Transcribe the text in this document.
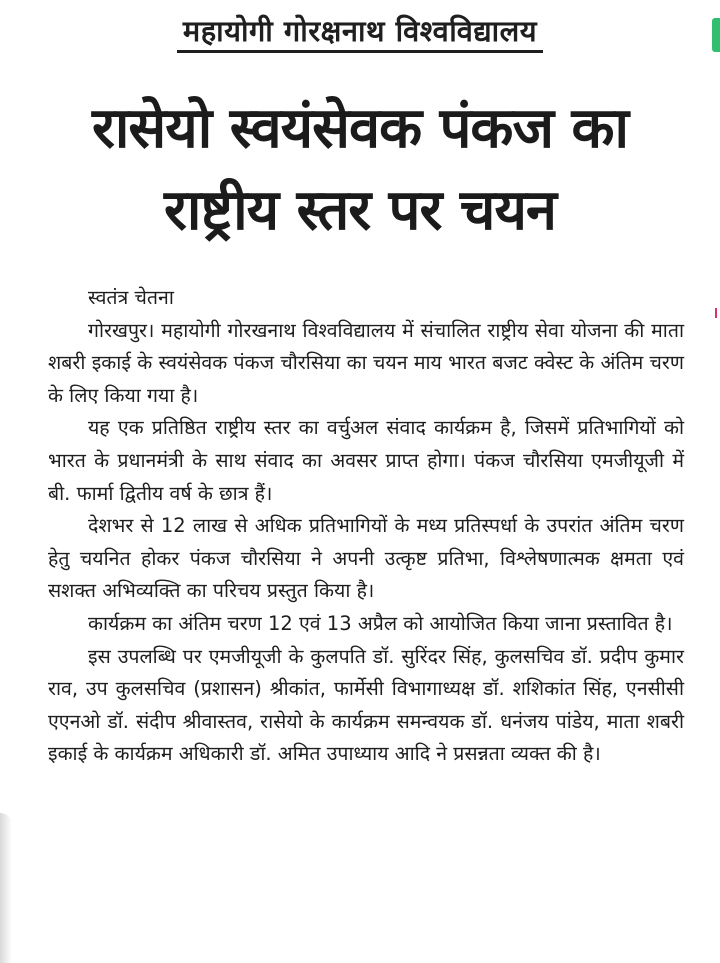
महायोगी गोरक्षनाथ विश्वविद्यालय
रासेयो स्वयंसेवक पंकज का
राष्ट्रीय स्तर पर चयन

स्वतंत्र चेतना

गोरखपुर। महायोगी गोरखनाथ विश्वविद्यालय में संचालित राष्ट्रीय सेवा योजना की माता शबरी इकाई के स्वयंसेवक पंकज चौरसिया का चयन माय भारत बजट क्वेस्ट के अंतिम चरण के लिए किया गया है।

यह एक प्रतिष्ठित राष्ट्रीय स्तर का वर्चुअल संवाद कार्यक्रम है, जिसमें प्रतिभागियों को भारत के प्रधानमंत्री के साथ संवाद का अवसर प्राप्त होगा। पंकज चौरसिया एमजीयूजी में बी. फार्मा द्वितीय वर्ष के छात्र हैं।

देशभर से 12 लाख से अधिक प्रतिभागियों के मध्य प्रतिस्पर्धा के उपरांत अंतिम चरण हेतु चयनित होकर पंकज चौरसिया ने अपनी उत्कृष्ट प्रतिभा, विश्लेषणात्मक क्षमता एवं सशक्त अभिव्यक्ति का परिचय प्रस्तुत किया है।

कार्यक्रम का अंतिम चरण 12 एवं 13 अप्रैल को आयोजित किया जाना प्रस्तावित है।

इस उपलब्धि पर एमजीयूजी के कुलपति डॉ. सुरिंदर सिंह, कुलसचिव डॉ. प्रदीप कुमार राव, उप कुलसचिव (प्रशासन) श्रीकांत, फार्मेसी विभागाध्यक्ष डॉ. शशिकांत सिंह, एनसीसी एएनओ डॉ. संदीप श्रीवास्तव, रासेयो के कार्यक्रम समन्वयक डॉ. धनंजय पांडेय, माता शबरी इकाई के कार्यक्रम अधिकारी डॉ. अमित उपाध्याय आदि ने प्रसन्नता व्यक्त की है।
